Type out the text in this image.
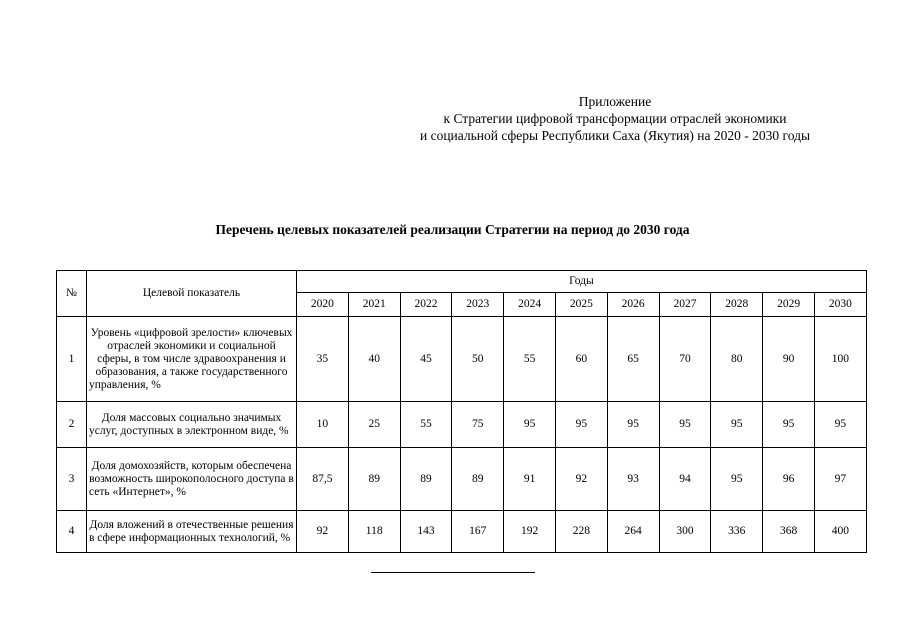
Приложение
к Стратегии цифровой трансформации отраслей экономики
и социальной сферы Республики Саха (Якутия) на 2020 - 2030 годы
Перечень целевых показателей реализации Стратегии на период до 2030 года
№	Целевой показатель	Годы										
		2020	2021	2022	2023	2024	2025	2026	2027	2028	2029	2030
1	Уровень «цифровой зрелости» ключевых отраслей экономики и социальной сферы, в том числе здравоохранения и образования, а также государственного управления, %	35	40	45	50	55	60	65	70	80	90	100
2	Доля массовых социально значимых услуг, доступных в электронном виде, %	10	25	55	75	95	95	95	95	95	95	95
3	Доля домохозяйств, которым обеспечена возможность широкополосного доступа в сеть «Интернет», %	87,5	89	89	89	91	92	93	94	95	96	97
4	Доля вложений в отечественные решения в сфере информационных технологий, %	92	118	143	167	192	228	264	300	336	368	400
